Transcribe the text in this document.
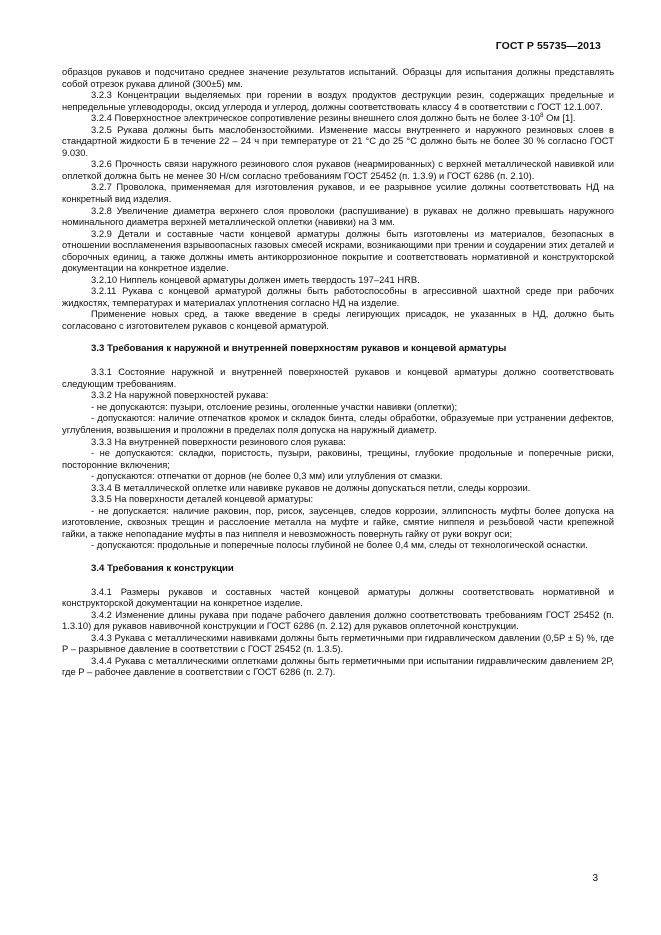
ГОСТ Р 55735—2013

образцов рукавов и подсчитано среднее значение результатов испытаний. Образцы для испытания должны представлять собой отрезок рукава длиной (300±5) мм.

3.2.3 Концентрации выделяемых при горении в воздух продуктов деструкции резин, содержащих предельные и непредельные углеводороды, оксид углерода и углерод, должны соответствовать классу 4 в соответствии с ГОСТ 12.1.007.

3.2.4 Поверхностное электрическое сопротивление резины внешнего слоя должно быть не более $3\cdot 10^8$ Ом [1].

3.2.5 Рукава должны быть маслобензостойкими. Изменение массы внутреннего и наружного резиновых слоев в стандартной жидкости Б в течение 22 – 24 ч при температуре от 21 °С до 25 °С должно быть не более 30 % согласно ГОСТ 9.030.

3.2.6 Прочность связи наружного резинового слоя рукавов (неармированных) с верхней металлической навивкой или оплеткой должна быть не менее 30 Н/см согласно требованиям ГОСТ 25452 (п. 1.3.9) и ГОСТ 6286 (п. 2.10).

3.2.7 Проволока, применяемая для изготовления рукавов, и ее разрывное усилие должны соответствовать НД на конкретный вид изделия.

3.2.8 Увеличение диаметра верхнего слоя проволоки (распушивание) в рукавах не должно превышать наружного номинального диаметра верхней металлической оплетки (навивки) на 3 мм.

3.2.9 Детали и составные части концевой арматуры должны быть изготовлены из материалов, безопасных в отношении воспламенения взрывоопасных газовых смесей искрами, возникающими при трении и соударении этих деталей и сборочных единиц, а также должны иметь антикоррозионное покрытие и соответствовать нормативной и конструкторской документации на конкретное изделие.

3.2.10 Ниппель концевой арматуры должен иметь твердость 197–241 HRB.

3.2.11 Рукава с концевой арматурой должны быть работоспособны в агрессивной шахтной среде при рабочих жидкостях, температурах и материалах уплотнения согласно НД на изделие.

Применение новых сред, а также введение в среды легирующих присадок, не указанных в НД, должно быть согласовано с изготовителем рукавов с концевой арматурой.

3.3 Требования к наружной и внутренней поверхностям рукавов и концевой арматуры

3.3.1 Состояние наружной и внутренней поверхностей рукавов и концевой арматуры должно соответствовать следующим требованиям.

3.3.2 На наружной поверхностей рукава:

- не допускаются: пузыри, отслоение резины, оголенные участки навивки (оплетки);

- допускаются: наличие отпечатков кромок и складок бинта, следы обработки, образуемые при устранении дефектов, углубления, возвышения и проложни в пределах поля допуска на наружный диаметр.

3.3.3 На внутренней поверхности резинового слоя рукава:

- не допускаются: складки, пористость, пузыри, раковины, трещины, глубокие продольные и поперечные риски, посторонние включения;

- допускаются: отпечатки от дорнов (не более 0,3 мм) или углубления от смазки.

3.3.4 В металлической оплетке или навивке рукавов не должны допускаться петли, следы коррозии.

3.3.5 На поверхности деталей концевой арматуры:

- не допускается: наличие раковин, пор, рисок, заусенцев, следов коррозии, эллипсность муфты более допуска на изготовление, сквозных трещин и расслоение металла на муфте и гайке, смятие ниппеля и резьбовой части крепежной гайки, а также непопадание муфты в паз ниппеля и невозможность повернуть гайку от руки вокруг оси;

- допускаются: продольные и поперечные полосы глубиной не более 0,4 мм, следы от технологической оснастки.

3.4 Требования к конструкции

3.4.1 Размеры рукавов и составных частей концевой арматуры должны соответствовать нормативной и конструкторской документации на конкретное изделие.

3.4.2 Изменение длины рукава при подаче рабочего давления должно соответствовать требованиям ГОСТ 25452 (п. 1.3.10) для рукавов навивочной конструкции и ГОСТ 6286 (п. 2.12) для рукавов оплеточной конструкции.

3.4.3 Рукава с металлическими навивками должны быть герметичными при гидравлическом давлении (0,5P ± 5) %, где P – разрывное давление в соответствии с ГОСТ 25452 (п. 1.3.5).

3.4.4 Рукава с металлическими оплетками должны быть герметичными при испытании гидравлическим давлением 2P, где P – рабочее давление в соответствии с ГОСТ 6286 (п. 2.7).

3
